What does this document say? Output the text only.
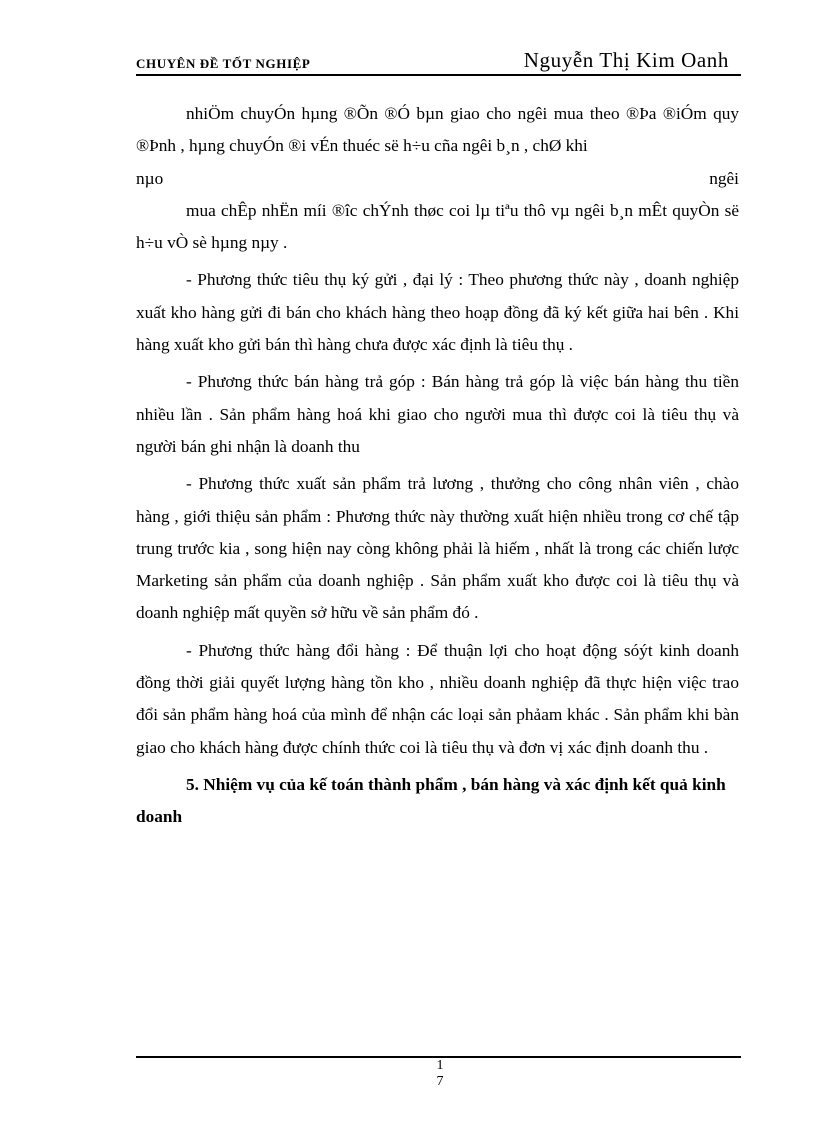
CHUYÊN ĐỀ TỐT NGHIỆP	Nguyễn Thị Kim Oanh

nhiÖm chuyÓn hµng ®Õn ®Ó bµn giao cho ngêi mua theo ®Þa ®iÓm quy ®Þnh , hµng chuyÓn ®i vÉn thuéc së h÷u cña ngêi b¸n , chØ khi

nµo	ngêi

mua chÊp nhËn míi ®îc chÝnh thøc coi lµ tiªu thô vµ ngêi b¸n mÊt quyÒn së h÷u vÒ sè hµng nµy .

- Phương thức tiêu thụ ký gửi , đại lý : Theo phương thức này , doanh nghiệp xuất kho hàng gửi đi bán cho khách hàng theo hoạp đồng đã ký kết giữa hai bên . Khi hàng xuất kho gửi bán thì hàng chưa được xác định là tiêu thụ .

- Phương thức bán hàng trả góp : Bán hàng trả góp là việc bán hàng thu tiền nhiều lần . Sản phẩm hàng hoá khi giao cho người mua thì được coi là tiêu thụ và người bán ghi nhận là doanh thu

- Phương thức xuất sản phẩm trả lương , thưởng cho công nhân viên , chào hàng , giới thiệu sản phẩm : Phương thức này thường xuất hiện nhiều trong cơ chế tập trung trước kia , song hiện nay còng không phải là hiếm , nhất là trong các chiến lược Marketing sản phẩm của doanh nghiệp . Sản phẩm xuất kho được coi là tiêu thụ và doanh nghiệp mất quyền sở hữu về sản phẩm đó .

- Phương thức hàng đổi hàng : Để thuận lợi cho hoạt động sóýt kinh doanh đồng thời giải quyết lượng hàng tồn kho , nhiều doanh nghiệp đã thực hiện việc trao đổi sản phẩm hàng hoá của mình để nhận các loại sản phảam khác . Sản phẩm khi bàn giao cho khách hàng được chính thức coi là tiêu thụ và đơn vị xác định doanh thu .

5. Nhiệm vụ của kế toán thành phẩm , bán hàng và xác định kết quả kinh doanh

1
7
